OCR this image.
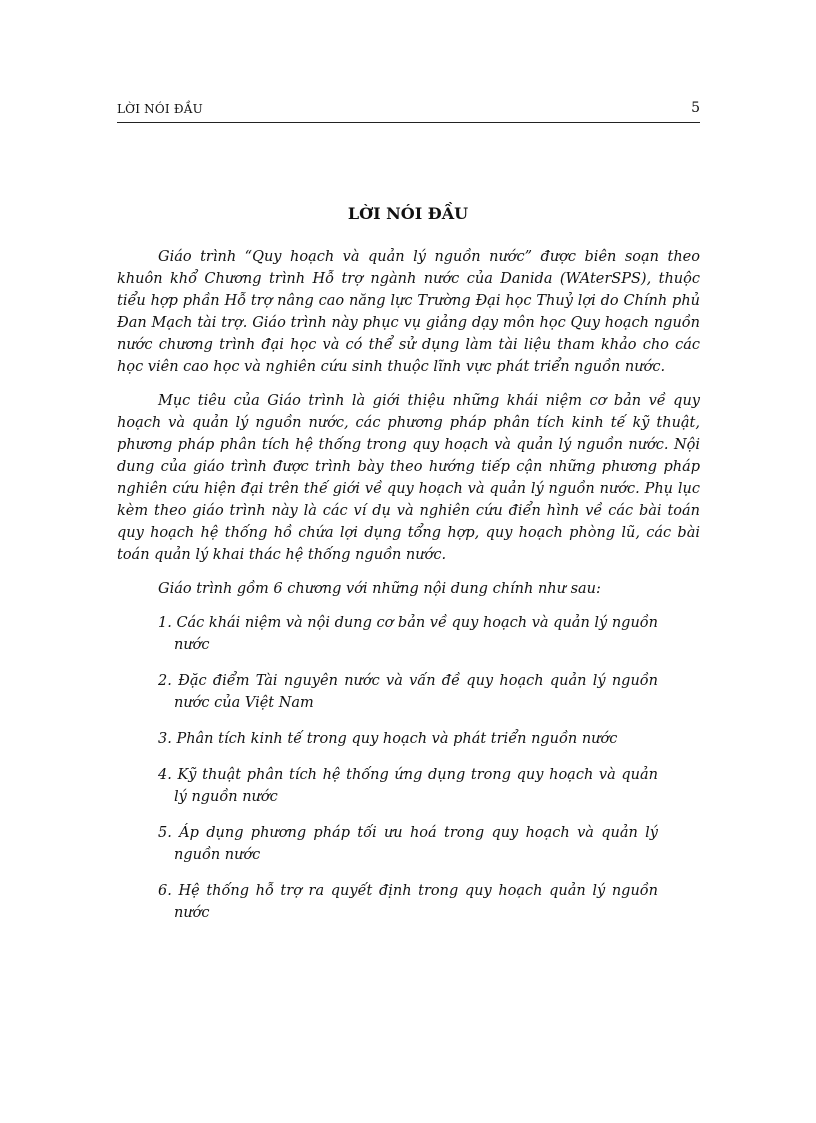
LỜI NÓI ĐẦU	5
LỜI NÓI ĐẦU

Giáo trình “Quy hoạch và quản lý nguồn nước” được biên soạn theo khuôn khổ Chương trình Hỗ trợ ngành nước của Danida (WAterSPS), thuộc tiểu hợp phần Hỗ trợ nâng cao năng lực Trường Đại học Thuỷ lợi do Chính phủ Đan Mạch tài trợ. Giáo trình này phục vụ giảng dạy môn học Quy hoạch nguồn nước chương trình đại học và có thể sử dụng làm tài liệu tham khảo cho các học viên cao học và nghiên cứu sinh thuộc lĩnh vực phát triển nguồn nước.

Mục tiêu của Giáo trình là giới thiệu những khái niệm cơ bản về quy hoạch và quản lý nguồn nước, các phương pháp phân tích kinh tế kỹ thuật, phương pháp phân tích hệ thống trong quy hoạch và quản lý nguồn nước. Nội dung của giáo trình được trình bày theo hướng tiếp cận những phương pháp nghiên cứu hiện đại trên thế giới về quy hoạch và quản lý nguồn nước. Phụ lục kèm theo giáo trình này là các ví dụ và nghiên cứu điển hình về các bài toán quy hoạch hệ thống hồ chứa lợi dụng tổng hợp, quy hoạch phòng lũ, các bài toán quản lý khai thác hệ thống nguồn nước.

Giáo trình gồm 6 chương với những nội dung chính như sau:

1. Các khái niệm và nội dung cơ bản về quy hoạch và quản lý nguồn nước
2. Đặc điểm Tài nguyên nước và vấn đề quy hoạch quản lý nguồn nước của Việt Nam
3. Phân tích kinh tế trong quy hoạch và phát triển nguồn nước
4. Kỹ thuật phân tích hệ thống ứng dụng trong quy hoạch và quản lý nguồn nước
5. Áp dụng phương pháp tối ưu hoá trong quy hoạch và quản lý nguồn nước
6. Hệ thống hỗ trợ ra quyết định trong quy hoạch quản lý nguồn nước
